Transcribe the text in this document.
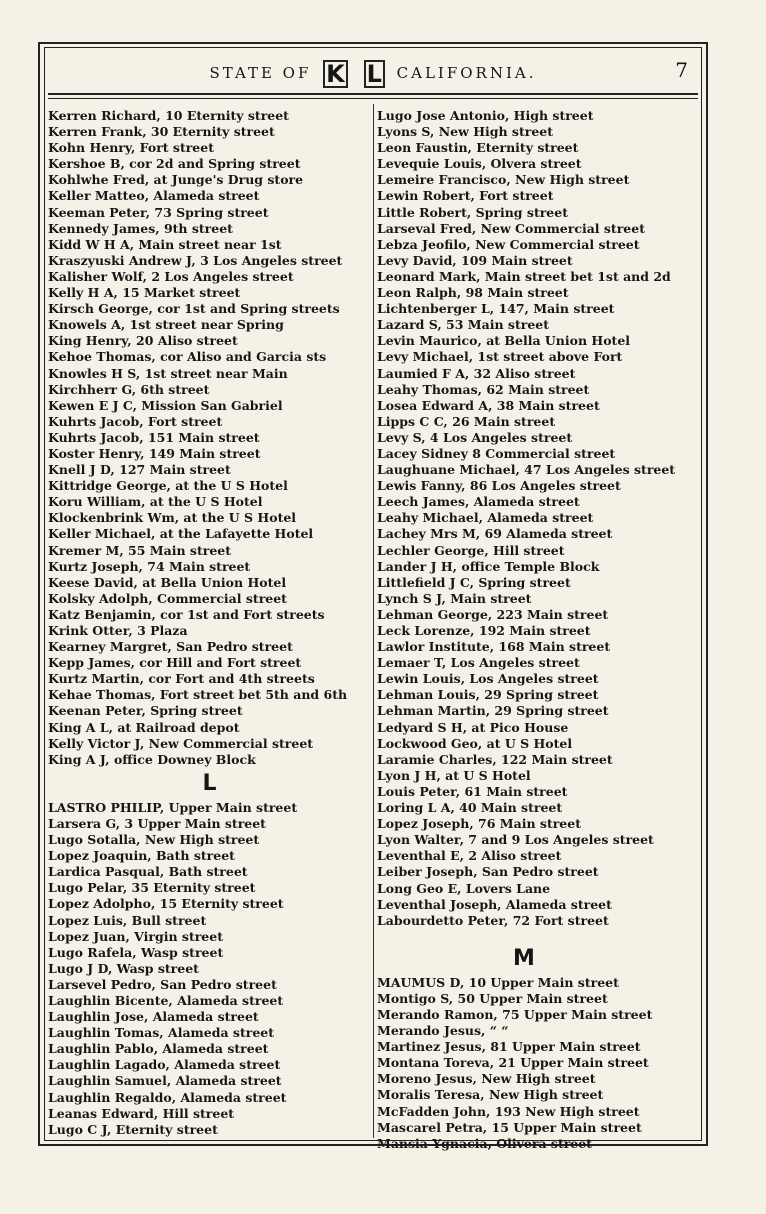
STATE OF K L CALIFORNIA.	7
Kerren Richard, 10 Eternity street
Kerren Frank, 30 Eternity street
Kohn Henry, Fort street
Kershoe B, cor 2d and Spring street
Kohlwhe Fred, at Junge's Drug store
Keller Matteo, Alameda street
Keeman Peter, 73 Spring street
Kennedy James, 9th street
Kidd W H A, Main street near 1st
Kraszyuski Andrew J, 3 Los Angeles street
Kalisher Wolf, 2 Los Angeles street
Kelly H A, 15 Market street
Kirsch George, cor 1st and Spring streets
Knowels A, 1st street near Spring
King Henry, 20 Aliso street
Kehoe Thomas, cor Aliso and Garcia sts
Knowles H S, 1st street near Main
Kirchherr G, 6th street
Kewen E J C, Mission San Gabriel
Kuhrts Jacob, Fort street
Kuhrts Jacob, 151 Main street
Koster Henry, 149 Main street
Knell J D, 127 Main street
Kittridge George, at the U S Hotel
Koru William, at the U S Hotel
Klockenbrink Wm, at the U S Hotel
Keller Michael, at the Lafayette Hotel
Kremer M, 55 Main street
Kurtz Joseph, 74 Main street
Keese David, at Bella Union Hotel
Kolsky Adolph, Commercial street
Katz Benjamin, cor 1st and Fort streets
Krink Otter, 3 Plaza
Kearney Margret, San Pedro street
Kepp James, cor Hill and Fort street
Kurtz Martin, cor Fort and 4th streets
Kehae Thomas, Fort street bet 5th and 6th
Keenan Peter, Spring street
King A L, at Railroad depot
Kelly Victor J, New Commercial street
King A J, office Downey Block
L
LASTRO PHILIP, Upper Main street
Larsera G, 3 Upper Main street
Lugo Sotalla, New High street
Lopez Joaquin, Bath street
Lardica Pasqual, Bath street
Lugo Pelar, 35 Eternity street
Lopez Adolpho, 15 Eternity street
Lopez Luis, Bull street
Lopez Juan, Virgin street
Lugo Rafela, Wasp street
Lugo J D, Wasp street
Larsevel Pedro, San Pedro street
Laughlin Bicente, Alameda street
Laughlin Jose, Alameda street
Laughlin Tomas, Alameda street
Laughlin Pablo, Alameda street
Laughlin Lagado, Alameda street
Laughlin Samuel, Alameda street
Laughlin Regaldo, Alameda street
Leanas Edward, Hill street
Lugo C J, Eternity street
Lugo Jose Antonio, High street
Lyons S, New High street
Leon Faustin, Eternity street
Levequie Louis, Olvera street
Lemeire Francisco, New High street
Lewin Robert, Fort street
Little Robert, Spring street
Larseval Fred, New Commercial street
Lebza Jeofilo, New Commercial street
Levy David, 109 Main street
Leonard Mark, Main street bet 1st and 2d
Leon Ralph, 98 Main street
Lichtenberger L, 147, Main street
Lazard S, 53 Main street
Levin Maurico, at Bella Union Hotel
Levy Michael, 1st street above Fort
Laumied F A, 32 Aliso street
Leahy Thomas, 62 Main street
Losea Edward A, 38 Main street
Lipps C C, 26 Main street
Levy S, 4 Los Angeles street
Lacey Sidney 8 Commercial street
Laughuane Michael, 47 Los Angeles street
Lewis Fanny, 86 Los Angeles street
Leech James, Alameda street
Leahy Michael, Alameda street
Lachey Mrs M, 69 Alameda street
Lechler George, Hill street
Lander J H, office Temple Block
Littlefield J C, Spring street
Lynch S J, Main street
Lehman George, 223 Main street
Leck Lorenze, 192 Main street
Lawlor Institute, 168 Main street
Lemaer T, Los Angeles street
Lewin Louis, Los Angeles street
Lehman Louis, 29 Spring street
Lehman Martin, 29 Spring street
Ledyard S H, at Pico House
Lockwood Geo, at U S Hotel
Laramie Charles, 122 Main street
Lyon J H, at U S Hotel
Louis Peter, 61 Main street
Loring L A, 40 Main street
Lopez Joseph, 76 Main street
Lyon Walter, 7 and 9 Los Angeles street
Leventhal E, 2 Aliso street
Leiber Joseph, San Pedro street
Long Geo E, Lovers Lane
Leventhal Joseph, Alameda street
Labourdetto Peter, 72 Fort street
M
MAUMUS D, 10 Upper Main street
Montigo S, 50 Upper Main street
Merando Ramon, 75 Upper Main street
Merando Jesus, “ “
Martinez Jesus, 81 Upper Main street
Montana Toreva, 21 Upper Main street
Moreno Jesus, New High street
Moralis Teresa, New High street
McFadden John, 193 New High street
Mascarel Petra, 15 Upper Main street
Mansia Ygnacia, Olivera street
